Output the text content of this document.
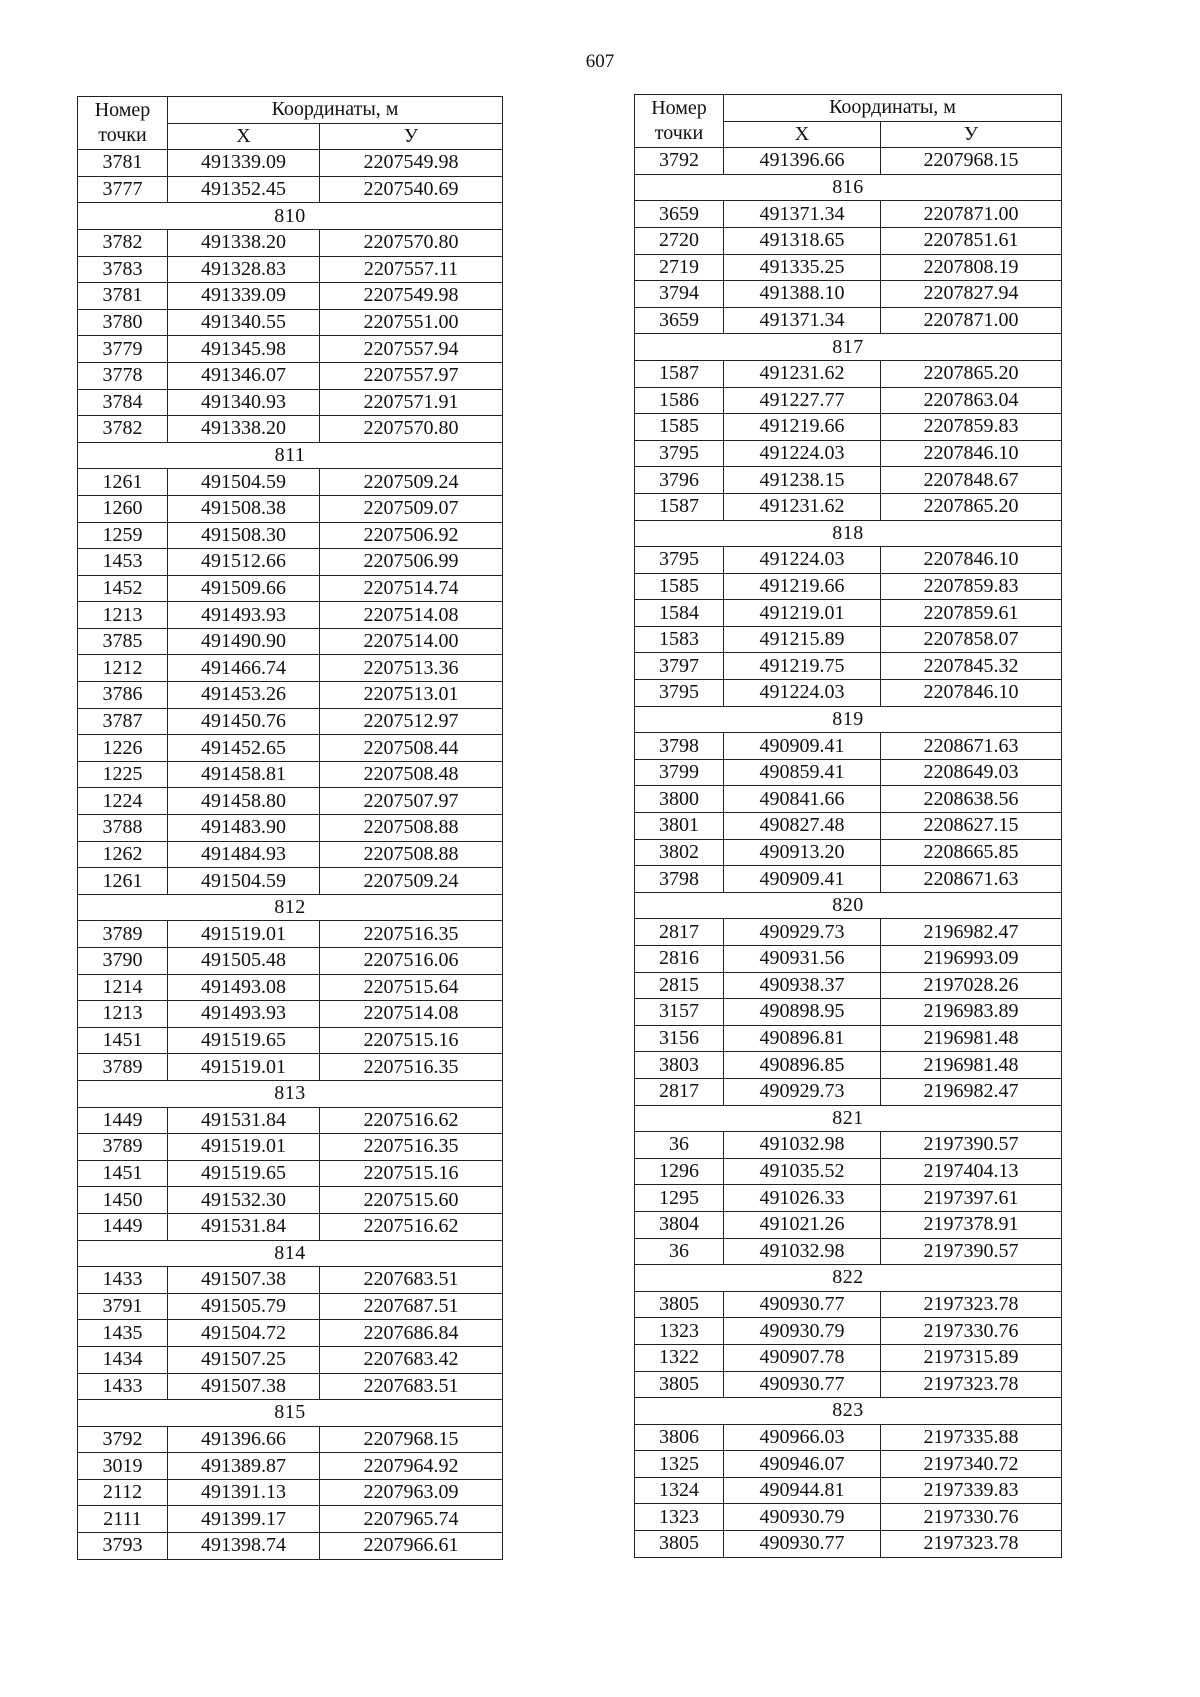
607
Номер
точки	Координаты, м	
	X	У
3781	491339.09	2207549.98
3777	491352.45	2207540.69
810		
3782	491338.20	2207570.80
3783	491328.83	2207557.11
3781	491339.09	2207549.98
3780	491340.55	2207551.00
3779	491345.98	2207557.94
3778	491346.07	2207557.97
3784	491340.93	2207571.91
3782	491338.20	2207570.80
811		
1261	491504.59	2207509.24
1260	491508.38	2207509.07
1259	491508.30	2207506.92
1453	491512.66	2207506.99
1452	491509.66	2207514.74
1213	491493.93	2207514.08
3785	491490.90	2207514.00
1212	491466.74	2207513.36
3786	491453.26	2207513.01
3787	491450.76	2207512.97
1226	491452.65	2207508.44
1225	491458.81	2207508.48
1224	491458.80	2207507.97
3788	491483.90	2207508.88
1262	491484.93	2207508.88
1261	491504.59	2207509.24
812		
3789	491519.01	2207516.35
3790	491505.48	2207516.06
1214	491493.08	2207515.64
1213	491493.93	2207514.08
1451	491519.65	2207515.16
3789	491519.01	2207516.35
813		
1449	491531.84	2207516.62
3789	491519.01	2207516.35
1451	491519.65	2207515.16
1450	491532.30	2207515.60
1449	491531.84	2207516.62
814		
1433	491507.38	2207683.51
3791	491505.79	2207687.51
1435	491504.72	2207686.84
1434	491507.25	2207683.42
1433	491507.38	2207683.51
815		
3792	491396.66	2207968.15
3019	491389.87	2207964.92
2112	491391.13	2207963.09
2111	491399.17	2207965.74
3793	491398.74	2207966.61
Номер
точки	Координаты, м	
	X	У
3792	491396.66	2207968.15
816		
3659	491371.34	2207871.00
2720	491318.65	2207851.61
2719	491335.25	2207808.19
3794	491388.10	2207827.94
3659	491371.34	2207871.00
817		
1587	491231.62	2207865.20
1586	491227.77	2207863.04
1585	491219.66	2207859.83
3795	491224.03	2207846.10
3796	491238.15	2207848.67
1587	491231.62	2207865.20
818		
3795	491224.03	2207846.10
1585	491219.66	2207859.83
1584	491219.01	2207859.61
1583	491215.89	2207858.07
3797	491219.75	2207845.32
3795	491224.03	2207846.10
819		
3798	490909.41	2208671.63
3799	490859.41	2208649.03
3800	490841.66	2208638.56
3801	490827.48	2208627.15
3802	490913.20	2208665.85
3798	490909.41	2208671.63
820		
2817	490929.73	2196982.47
2816	490931.56	2196993.09
2815	490938.37	2197028.26
3157	490898.95	2196983.89
3156	490896.81	2196981.48
3803	490896.85	2196981.48
2817	490929.73	2196982.47
821		
36	491032.98	2197390.57
1296	491035.52	2197404.13
1295	491026.33	2197397.61
3804	491021.26	2197378.91
36	491032.98	2197390.57
822		
3805	490930.77	2197323.78
1323	490930.79	2197330.76
1322	490907.78	2197315.89
3805	490930.77	2197323.78
823		
3806	490966.03	2197335.88
1325	490946.07	2197340.72
1324	490944.81	2197339.83
1323	490930.79	2197330.76
3805	490930.77	2197323.78
